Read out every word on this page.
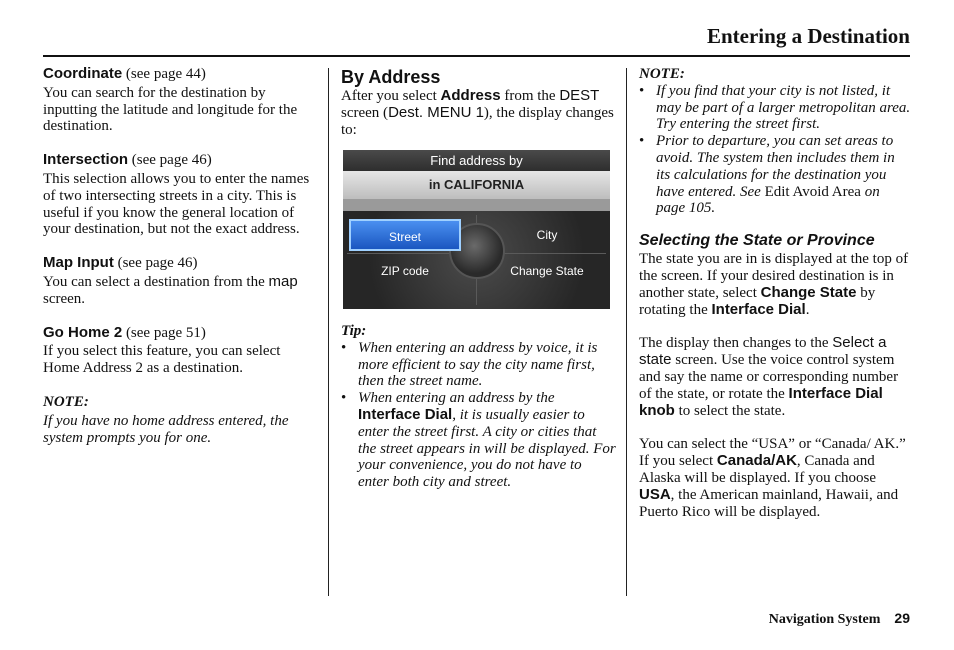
Entering a Destination

Coordinate (see page 44)

You can search for the destination by inputting the latitude and longitude for the destination.

Intersection (see page 46)

This selection allows you to enter the names of two intersecting streets in a city. This is useful if you know the general location of your destination, but not the exact address.

Map Input (see page 46)

You can select a destination from the map screen.

Go Home 2 (see page 51)

If you select this feature, you can select Home Address 2 as a destination.

NOTE:

If you have no home address entered, the system prompts you for one.

By Address

After you select Address from the DEST screen (Dest. MENU 1), the display changes to:

Find address by
in CALIFORNIA
Street	City
ZIP code	Change State

Tip:

• When entering an address by voice, it is more efficient to say the city name first, then the street name.
• When entering an address by the Interface Dial, it is usually easier to enter the street first. A city or cities that the street appears in will be displayed. For your convenience, you do not have to enter both city and street.

NOTE:

• If you find that your city is not listed, it may be part of a larger metropolitan area. Try entering the street first.
• Prior to departure, you can set areas to avoid. The system then includes them in its calculations for the destination you have entered. See Edit Avoid Area on page 105.
Selecting the State or Province

The state you are in is displayed at the top of the screen. If your desired destination is in another state, select Change State by rotating the Interface Dial.

The display then changes to the Select a state screen. Use the voice control system and say the name or corresponding number of the state, or rotate the Interface Dial knob to select the state.

You can select the “USA” or “Canada/ AK.” If you select Canada/AK, Canada and Alaska will be displayed. If you choose USA, the American mainland, Hawaii, and Puerto Rico will be displayed.

Navigation System 29
